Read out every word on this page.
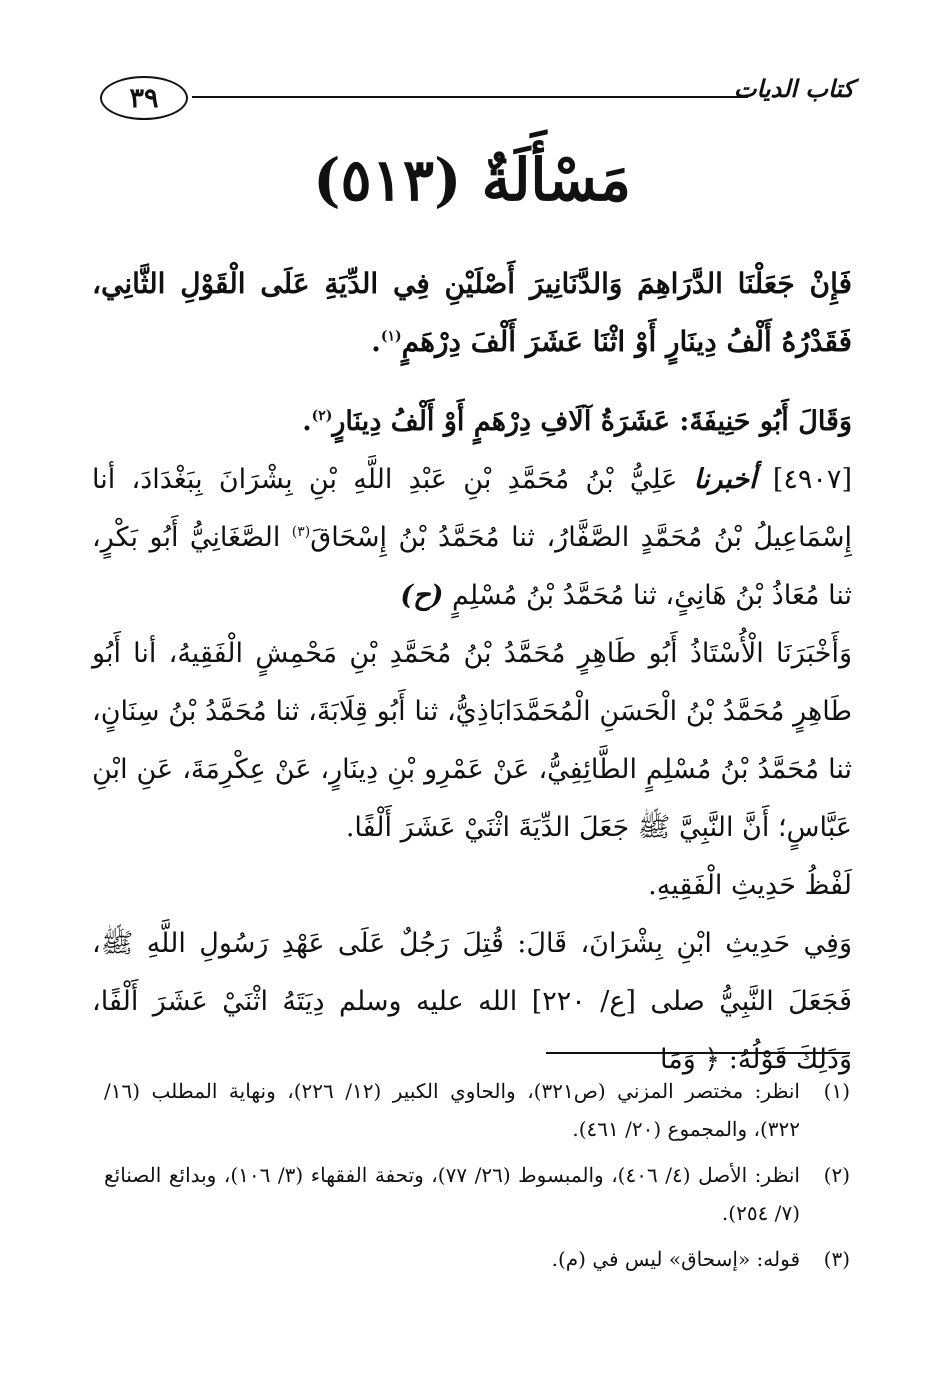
٣٩	كتاب الديات
مَسْأَلَةٌ (٥١٣)

فَإِنْ جَعَلْنَا الدَّرَاهِمَ وَالدَّنَانِيرَ أَصْلَيْنِ فِي الدِّيَةِ عَلَى الْقَوْلِ الثَّانِي، فَقَدْرُهُ أَلْفُ دِينَارٍ أَوْ اثْنَا عَشَرَ أَلْفَ دِرْهَمٍ$^{(١)}$.

وَقَالَ أَبُو حَنِيفَةَ: عَشَرَةُ آلَافِ دِرْهَمٍ أَوْ أَلْفُ دِينَارٍ$^{(٢)}$.

[٤٩٠٧] أخبرنا عَلِيُّ بْنُ مُحَمَّدِ بْنِ عَبْدِ اللَّهِ بْنِ بِشْرَانَ بِبَغْدَادَ، أنا إِسْمَاعِيلُ بْنُ مُحَمَّدٍ الصَّفَّارُ، ثنا مُحَمَّدُ بْنُ إِسْحَاقَ$^{(٣)}$ الصَّغَانِيُّ أَبُو بَكْرٍ، ثنا مُعَاذُ بْنُ هَانِئٍ، ثنا مُحَمَّدُ بْنُ مُسْلِمٍ (ح)

وَأَخْبَرَنَا الْأُسْتَاذُ أَبُو طَاهِرٍ مُحَمَّدُ بْنُ مُحَمَّدِ بْنِ مَحْمِشٍ الْفَقِيهُ، أنا أَبُو طَاهِرٍ مُحَمَّدُ بْنُ الْحَسَنِ الْمُحَمَّدَابَاذِيُّ، ثنا أَبُو قِلَابَةَ، ثنا مُحَمَّدُ بْنُ سِنَانٍ، ثنا مُحَمَّدُ بْنُ مُسْلِمٍ الطَّائِفِيُّ، عَنْ عَمْرِو بْنِ دِينَارٍ، عَنْ عِكْرِمَةَ، عَنِ ابْنِ عَبَّاسٍ؛ أَنَّ النَّبِيَّ ﷺ جَعَلَ الدِّيَةَ اثْنَيْ عَشَرَ أَلْفًا.

لَفْظُ حَدِيثِ الْفَقِيهِ.

وَفِي حَدِيثِ ابْنِ بِشْرَانَ، قَالَ: قُتِلَ رَجُلٌ عَلَى عَهْدِ رَسُولِ اللَّهِ ﷺ، فَجَعَلَ النَّبِيُّ صلى [ع/ ٢٢٠] الله عليه وسلم دِيَتَهُ اثْنَيْ عَشَرَ أَلْفًا، وَذَلِكَ قَوْلُهُ: ﴿ وَمَا

(١)
انظر: مختصر المزني (ص٣٢١)، والحاوي الكبير (١٢/ ٢٢٦)، ونهاية المطلب (١٦/ ٣٢٢)، والمجموع (٢٠/ ٤٦١).
(٢)
انظر: الأصل (٤/ ٤٠٦)، والمبسوط (٢٦/ ٧٧)، وتحفة الفقهاء (٣/ ١٠٦)، وبدائع الصنائع (٧/ ٢٥٤).
(٣)
قوله: «إسحاق» ليس في (م).
